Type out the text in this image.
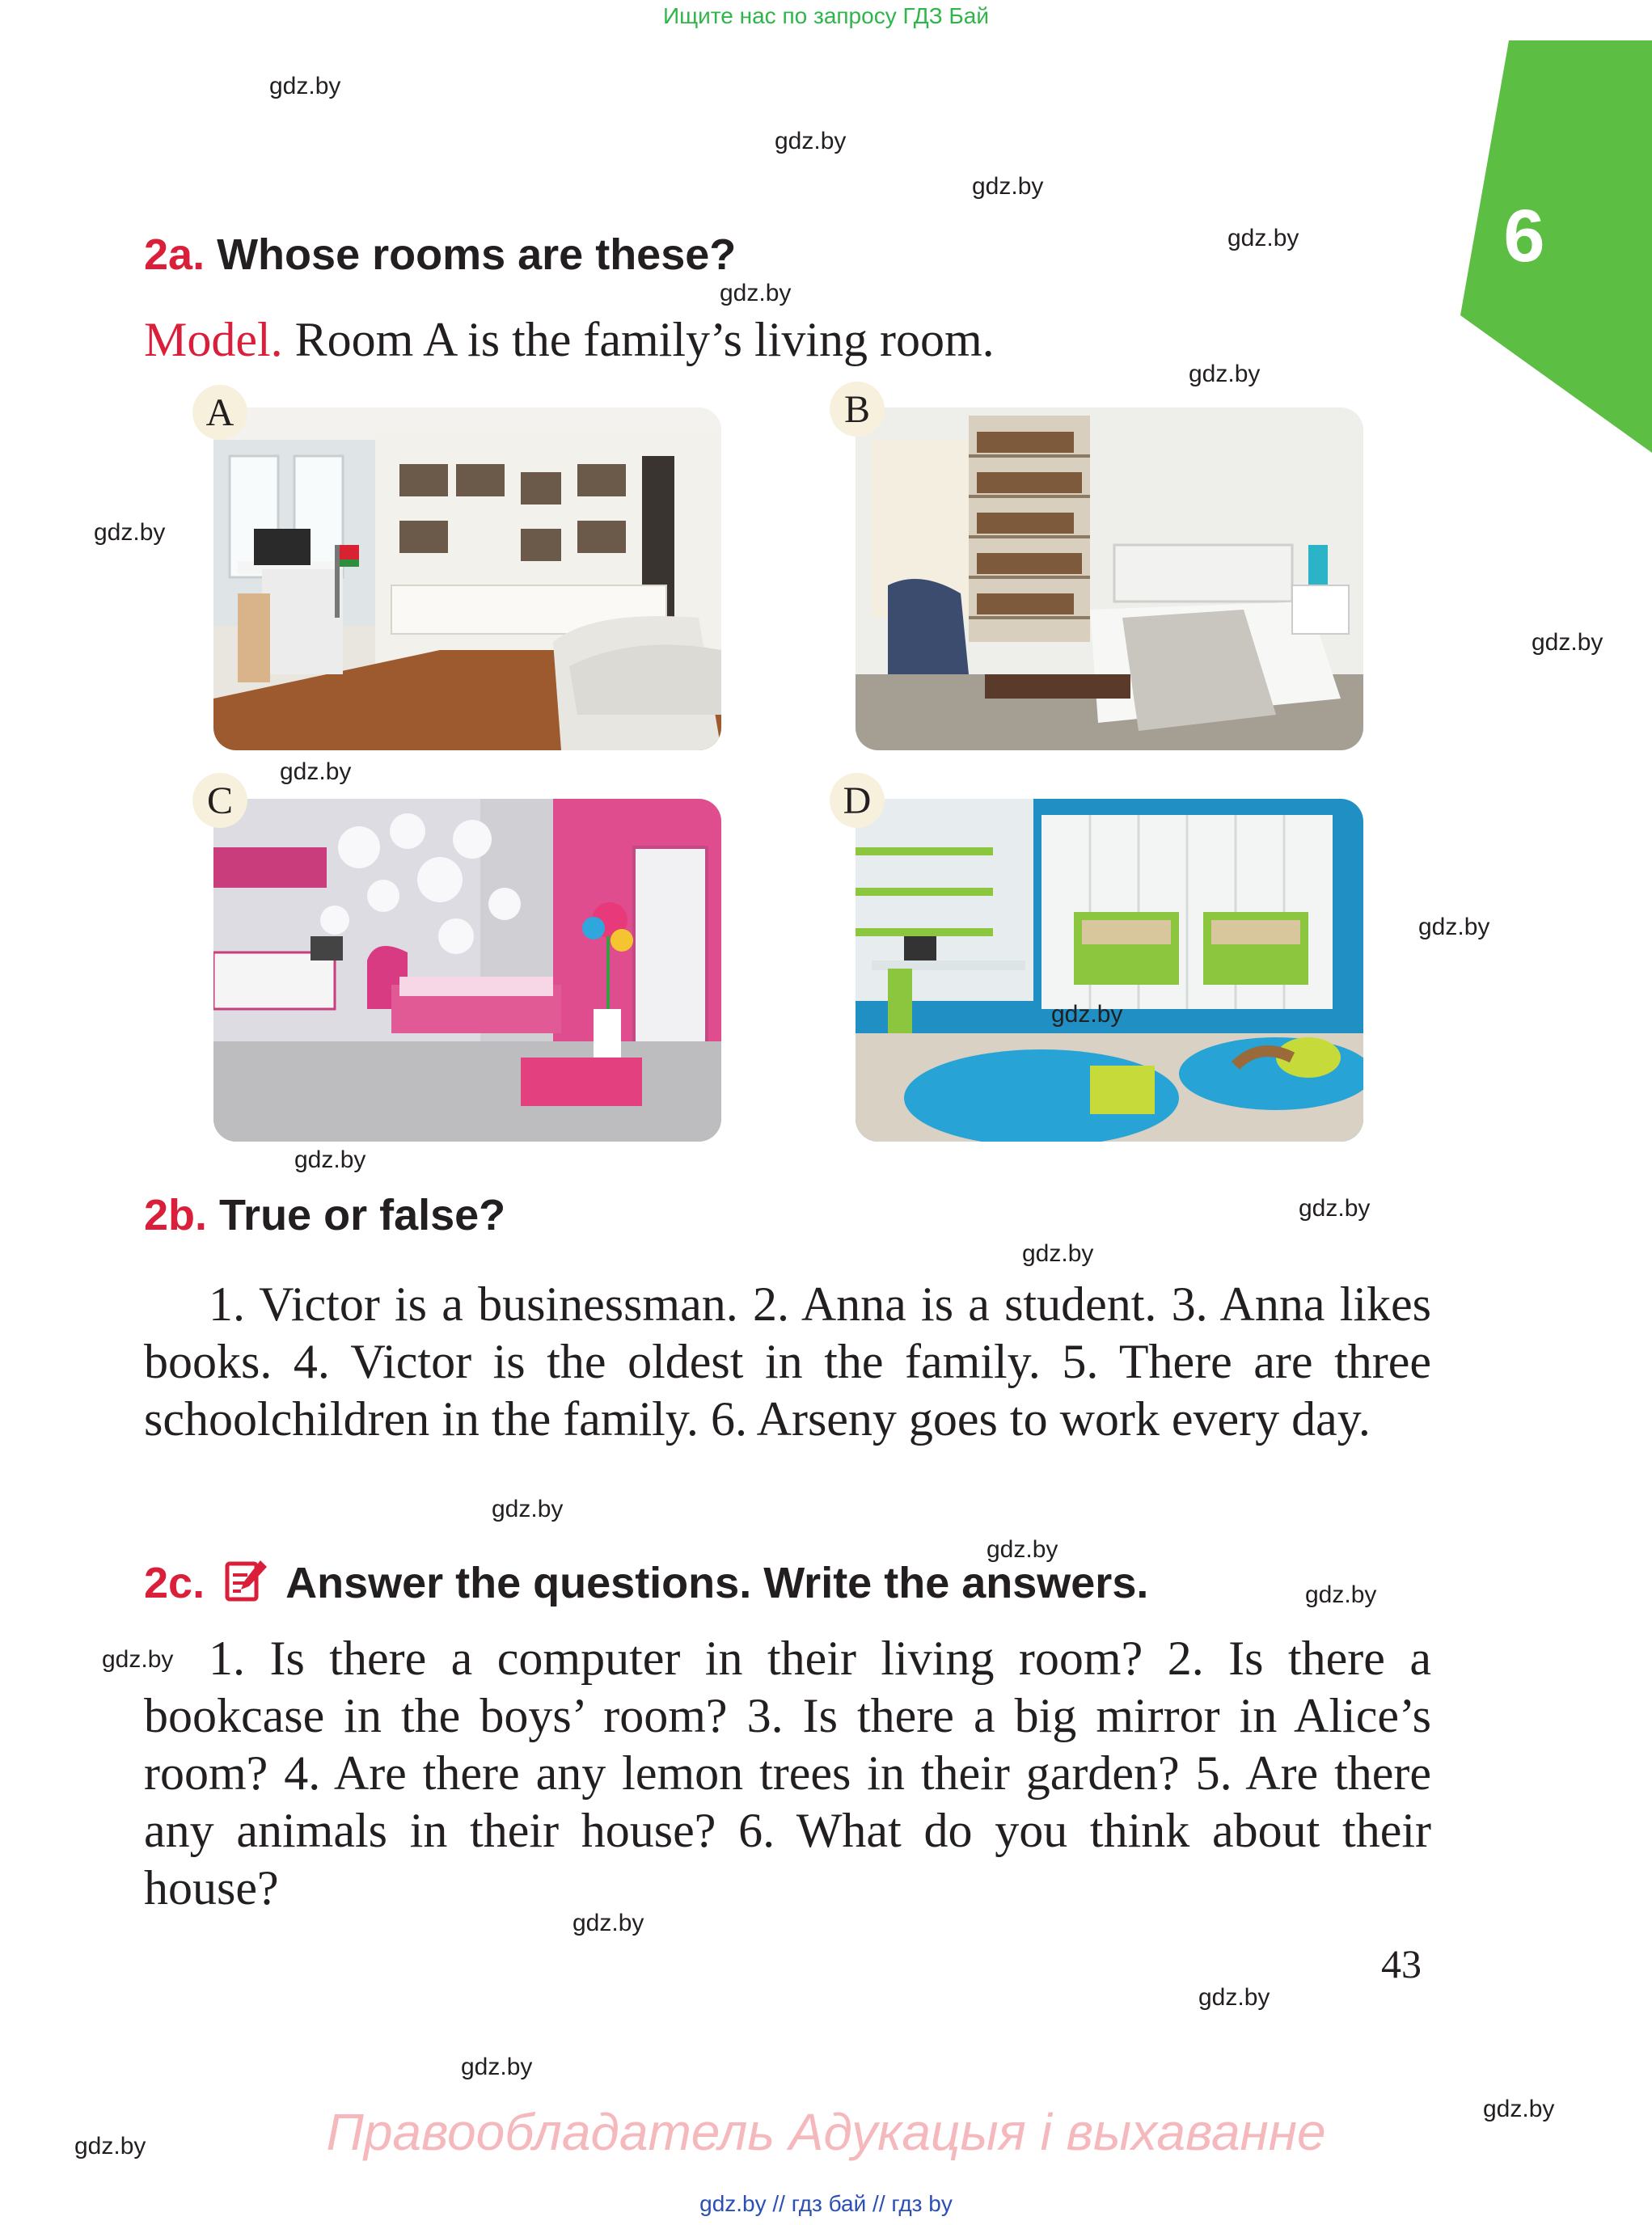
Ищите нас по запросу ГДЗ Бай
6
gdz.by
gdz.by
gdz.by
gdz.by
gdz.by
gdz.by
gdz.by
gdz.by
gdz.by
gdz.by
gdz.by
gdz.by
gdz.by
gdz.by
gdz.by
gdz.by
gdz.by
gdz.by
gdz.by
gdz.by
gdz.by
gdz.by
gdz.by
2a. Whose rooms are these?
Model. Room A is the family’s living room.
A	B
C	D
2b. True or false?
1. Victor is a businessman. 2. Anna is a student. 3. Anna likes books. 4. Victor is the oldest in the family. 5. There are three schoolchildren in the family. 6. Arseny goes to work every day.
2c. Answer the questions. Write the answers.
1. Is there a computer in their living room? 2. Is there a bookcase in the boys’ room? 3. Is there a big mirror in Alice’s room? 4. Are there any lemon trees in their garden? 5. Are there any animals in their house? 6. What do you think about their house?
43
Правообладатель Адукацыя і выхаванне
gdz.by // гдз бай // гдз by
